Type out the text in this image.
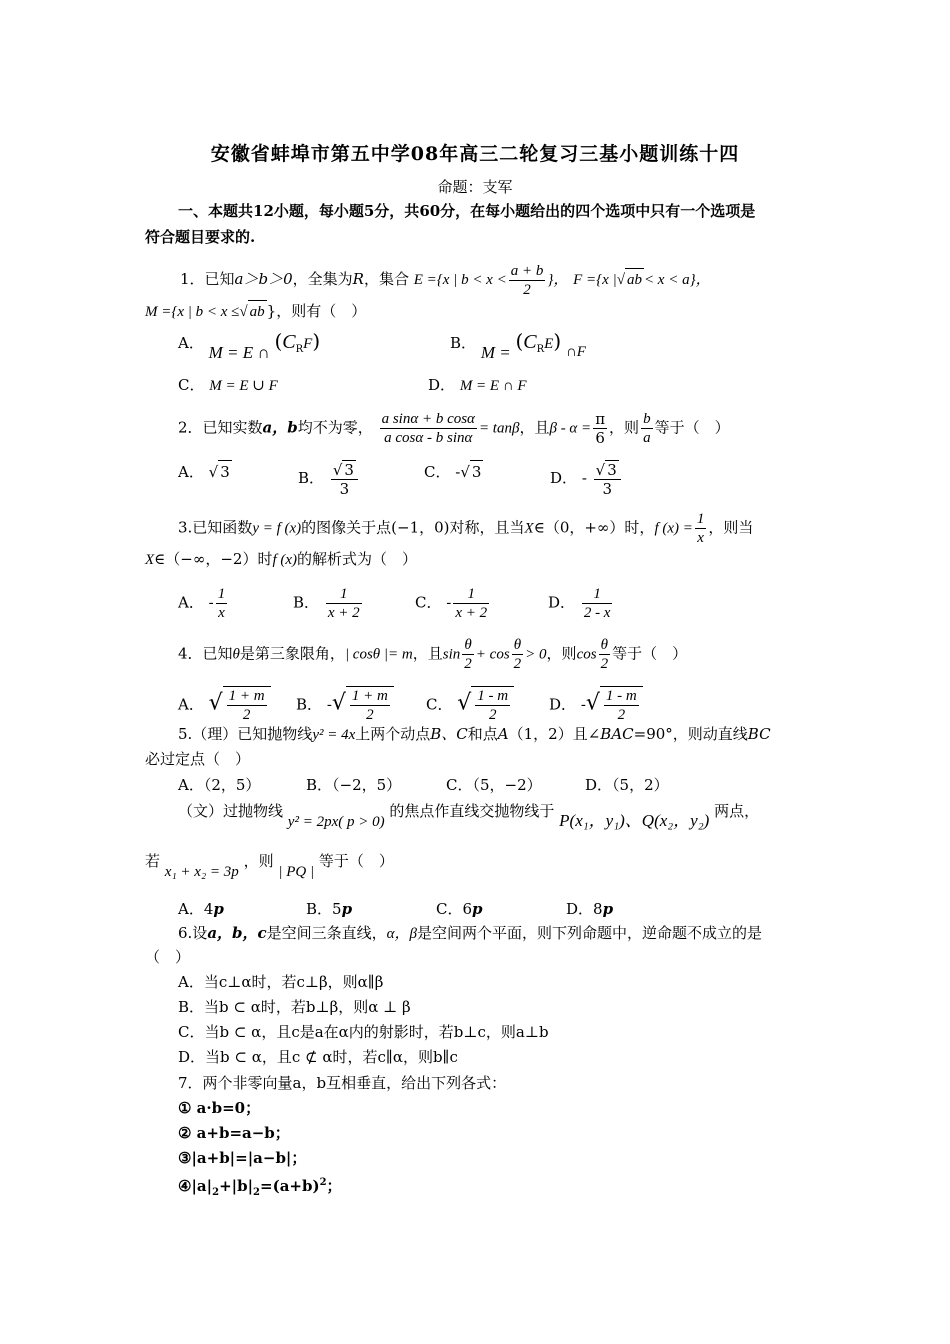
安徽省蚌埠市第五中学08年高三二轮复习三基小题训练十四
命题：支军
一、本题共12小题，每小题5分，共60分，在每小题给出的四个选项中只有一个选项是
符合题目要求的.
1．已知a＞b＞0，全集为R，集合 E ={x | $b < x < \frac{a + b}{2}$ }， F ={x |√ ab < x < a}，
M ={x | b < x ≤√ ab }，则有（　）
A． M = E ∩ $(C_RF)$	B． $M = (C_RE)$ ∩F
C． M = E ∪ F	D． M = E ∩ F
2．已知实数a，b均不为零， $\frac{\text{a sinα + b cosα}}{\text{a cosα - b sinα}} = \tan\beta$，且$\beta - \alpha = \frac{\pi}{6}$ ，则 $\frac{b}{a}$ 等于（　）
A． √ 3	B． $\frac{√ 3}{3}$	C． -√ 3	D． - $\frac{√ 3}{3}$
3.已知函数y = f (x)的图像关于点(−1，0)对称，且当X∈（0，+∞）时，f $(x) = \frac{1}{x}$ ，则当
X∈（−∞，−2）时f (x)的解析式为（　）
A． - $\frac{1}{x}$	B． $\frac{1}{x + 2}$	C． - $\frac{1}{x + 2}$	D． $\frac{1}{2 - x}$
4．已知θ是第三象限角，| cosθ |= m，且$\sin \frac{\theta}{2} + \cos \frac{\theta}{2} > 0$，则$\cos \frac{\theta}{2}$ 等于（　）
A． √ $\frac{1 + m}{2}$ B． -√ $\frac{1 + m}{2}$ C． √ $\frac{1 - m}{2}$	D． -√ $\frac{1 - m}{2}$
5.（理）已知抛物线y² = 4x上两个动点B、C和点A（1，2）且∠BAC=90°，则动直线BC
必过定点（　）
A．（2，5）	B．（−2，5）	C．（5，−2）	D．（5，2）
（文）过抛物线 y² = 2px( p > 0) 的焦点作直线交抛物线于 P(x₁，y₁)、Q(x₂，y₂) 两点，
若 x₁ + x₂ = 3p ，则 | PQ | 等于（　）
A．4p	B．5p	C．6p	D．8p
6.设a，b，c是空间三条直线，α，β是空间两个平面，则下列命题中，逆命题不成立的是
（　）
A．当c⊥α时，若c⊥β，则α∥β
B．当b ⊂ α时，若b⊥β，则α ⊥ β
C．当b ⊂ α，且c是a在α内的射影时，若b⊥c，则a⊥b
D．当b ⊂ α，且c ⊄ α时，若c∥α，则b∥c
7．两个非零向量a，b互相垂直，给出下列各式：
① a·b=0；
② a+b=a−b；
③|a+b|=|a−b|；
$④|a|_2+|b|_2=(a+b)^2$；
